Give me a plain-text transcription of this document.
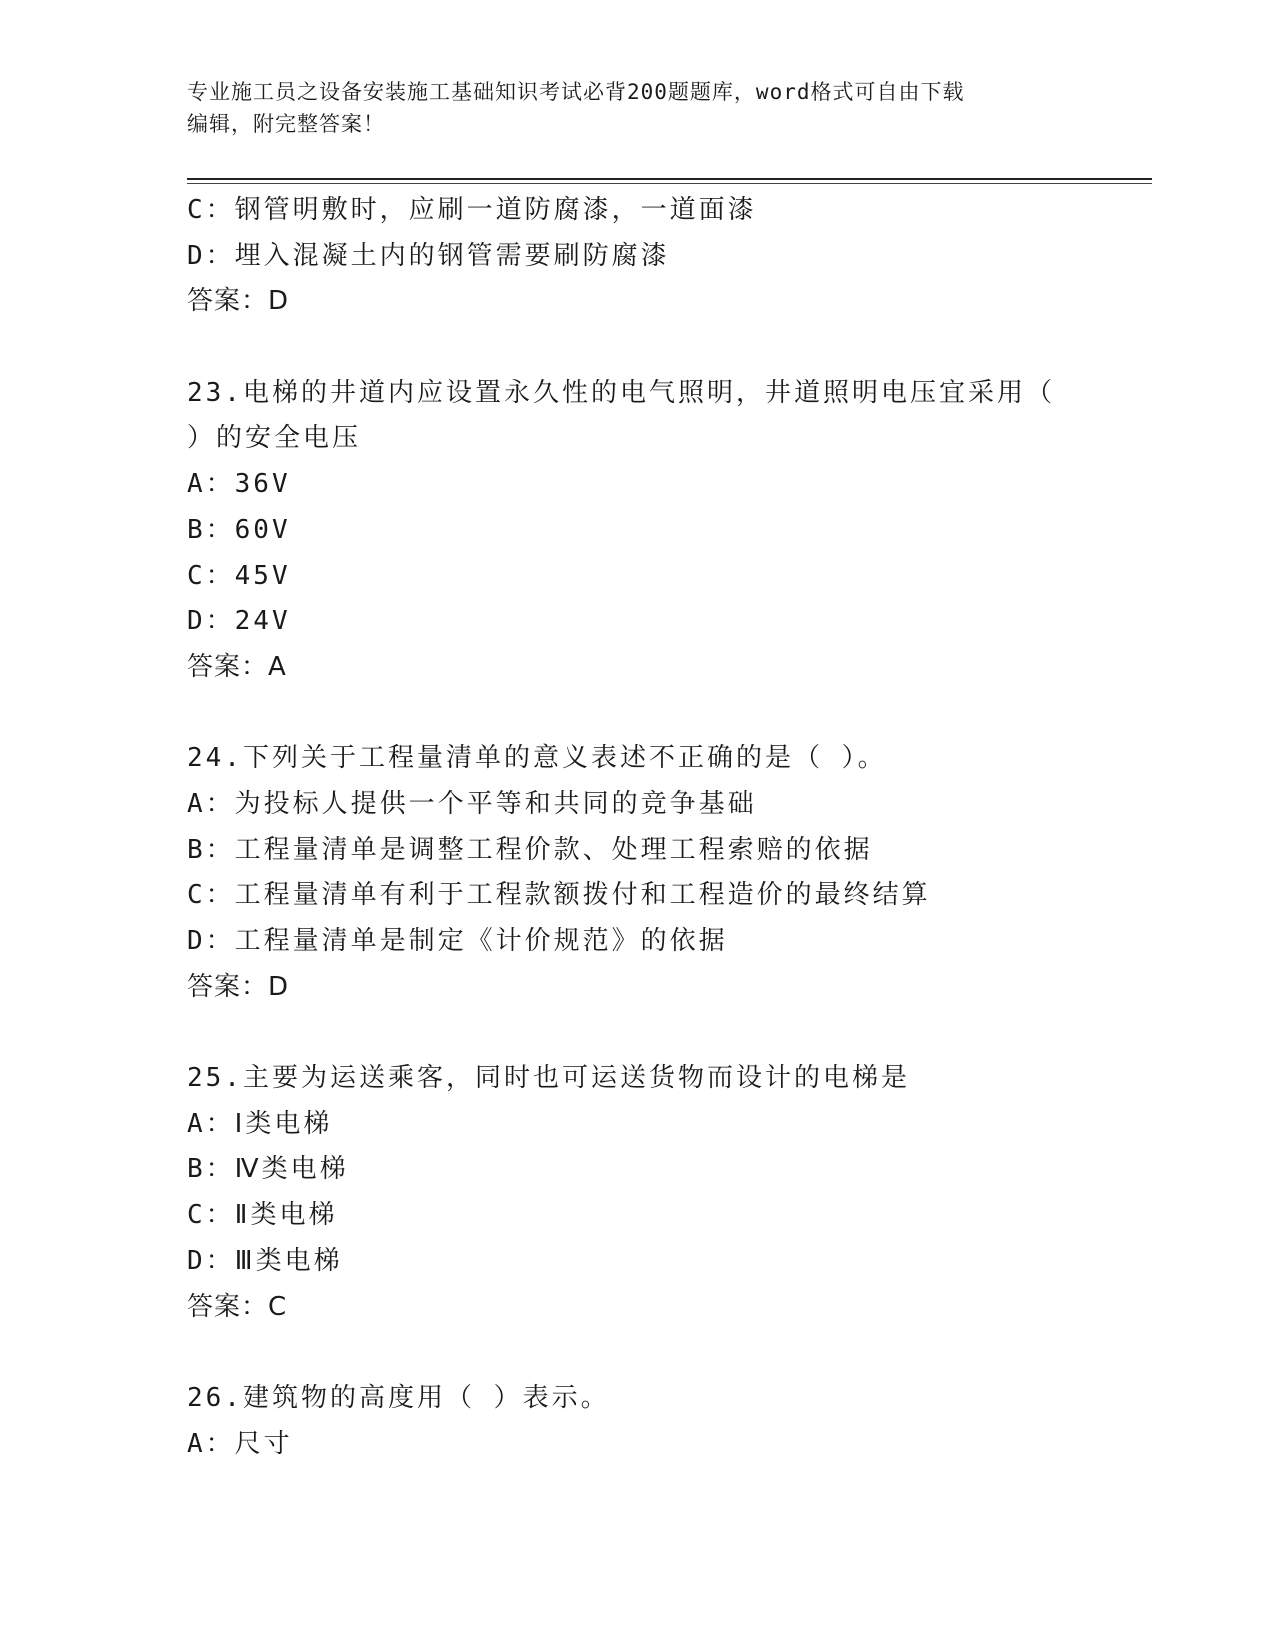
专业施工员之设备安装施工基础知识考试必背200题题库，word格式可自由下载
编辑，附完整答案！
C：钢管明敷时，应刷一道防腐漆，一道面漆
D：埋入混凝土内的钢管需要刷防腐漆
答案：D
23.电梯的井道内应设置永久性的电气照明，井道照明电压宜采用（
）的安全电压
A：36V
B：60V
C：45V
D：24V
答案：A
24.下列关于工程量清单的意义表述不正确的是（ ）。
A：为投标人提供一个平等和共同的竞争基础
B：工程量清单是调整工程价款、处理工程索赔的依据
C：工程量清单有利于工程款额拨付和工程造价的最终结算
D：工程量清单是制定《计价规范》的依据
答案：D
25.主要为运送乘客，同时也可运送货物而设计的电梯是
A：Ⅰ类电梯
B：Ⅳ类电梯
C：Ⅱ类电梯
D：Ⅲ类电梯
答案：C
26.建筑物的高度用（ ）表示。
A：尺寸
